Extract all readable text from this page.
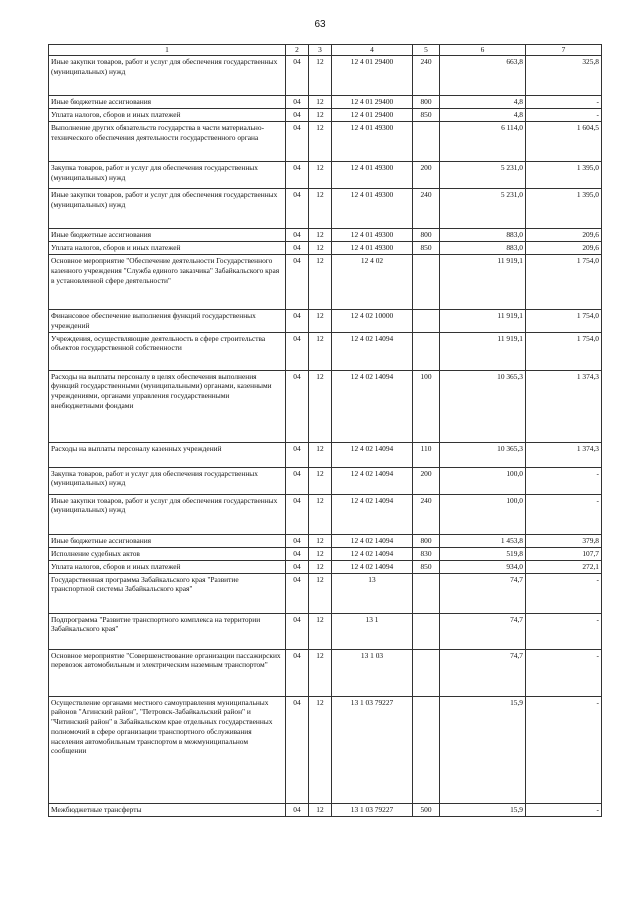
63
1	2	3	4	5	6	7
Иные закупки товаров, работ и услуг для обеспечения государственных (муниципальных) нужд	04	12	12 4 01 29400	240	663,8	325,8
Иные бюджетные ассигнования	04	12	12 4 01 29400	800	4,8	-
Уплата налогов, сборов и иных платежей	04	12	12 4 01 29400	850	4,8	-
Выполнение других обязательств государства в части материально-технического обеспечения деятельности государственного органа	04	12	12 4 01 49300		6 114,0	1 604,5
Закупка товаров, работ и услуг для обеспечения государственных (муниципальных) нужд	04	12	12 4 01 49300	200	5 231,0	1 395,0
Иные закупки товаров, работ и услуг для обеспечения государственных (муниципальных) нужд	04	12	12 4 01 49300	240	5 231,0	1 395,0
Иные бюджетные ассигнования	04	12	12 4 01 49300	800	883,0	209,6
Уплата налогов, сборов и иных платежей	04	12	12 4 01 49300	850	883,0	209,6
Основное мероприятие "Обеспечение деятельности Государственного казенного учреждения "Служба единого заказчика" Забайкальского края в установленной сфере деятельности"	04	12	12 4 02		11 919,1	1 754,0
Финансовое обеспечение выполнения функций государственных учреждений	04	12	12 4 02 10000		11 919,1	1 754,0
Учреждения, осуществляющие деятельность в сфере строительства объектов государственной собственности	04	12	12 4 02 14094		11 919,1	1 754,0
Расходы на выплаты персоналу в целях обеспечения выполнения функций государственными (муниципальными) органами, казенными учреждениями, органами управления государственными внебюджетными фондами	04	12	12 4 02 14094	100	10 365,3	1 374,3
Расходы на выплаты персоналу казенных учреждений	04	12	12 4 02 14094	110	10 365,3	1 374,3
Закупка товаров, работ и услуг для обеспечения государственных (муниципальных) нужд	04	12	12 4 02 14094	200	100,0	-
Иные закупки товаров, работ и услуг для обеспечения государственных (муниципальных) нужд	04	12	12 4 02 14094	240	100,0	-
Иные бюджетные ассигнования	04	12	12 4 02 14094	800	1 453,8	379,8
Исполнение судебных актов	04	12	12 4 02 14094	830	519,8	107,7
Уплата налогов, сборов и иных платежей	04	12	12 4 02 14094	850	934,0	272,1
Государственная программа Забайкальского края "Развитие транспортной системы Забайкальского края"	04	12	13		74,7	-
Подпрограмма "Развитие транспортного комплекса на территории Забайкальского края"	04	12	13 1		74,7	-
Основное мероприятие "Совершенствование организации пассажирских перевозок автомобильным и электрическим наземным транспортом"	04	12	13 1 03		74,7	-
Осуществление органами местного самоуправления муниципальных районов "Агинский район", "Петровск-Забайкальский район" и "Читинский район" в Забайкальском крае отдельных государственных полномочий в сфере организации транспортного обслуживания населения автомобильным транспортом в межмуниципальном сообщении	04	12	13 1 03 79227		15,9	-
Межбюджетные трансферты	04	12	13 1 03 79227	500	15,9	-
